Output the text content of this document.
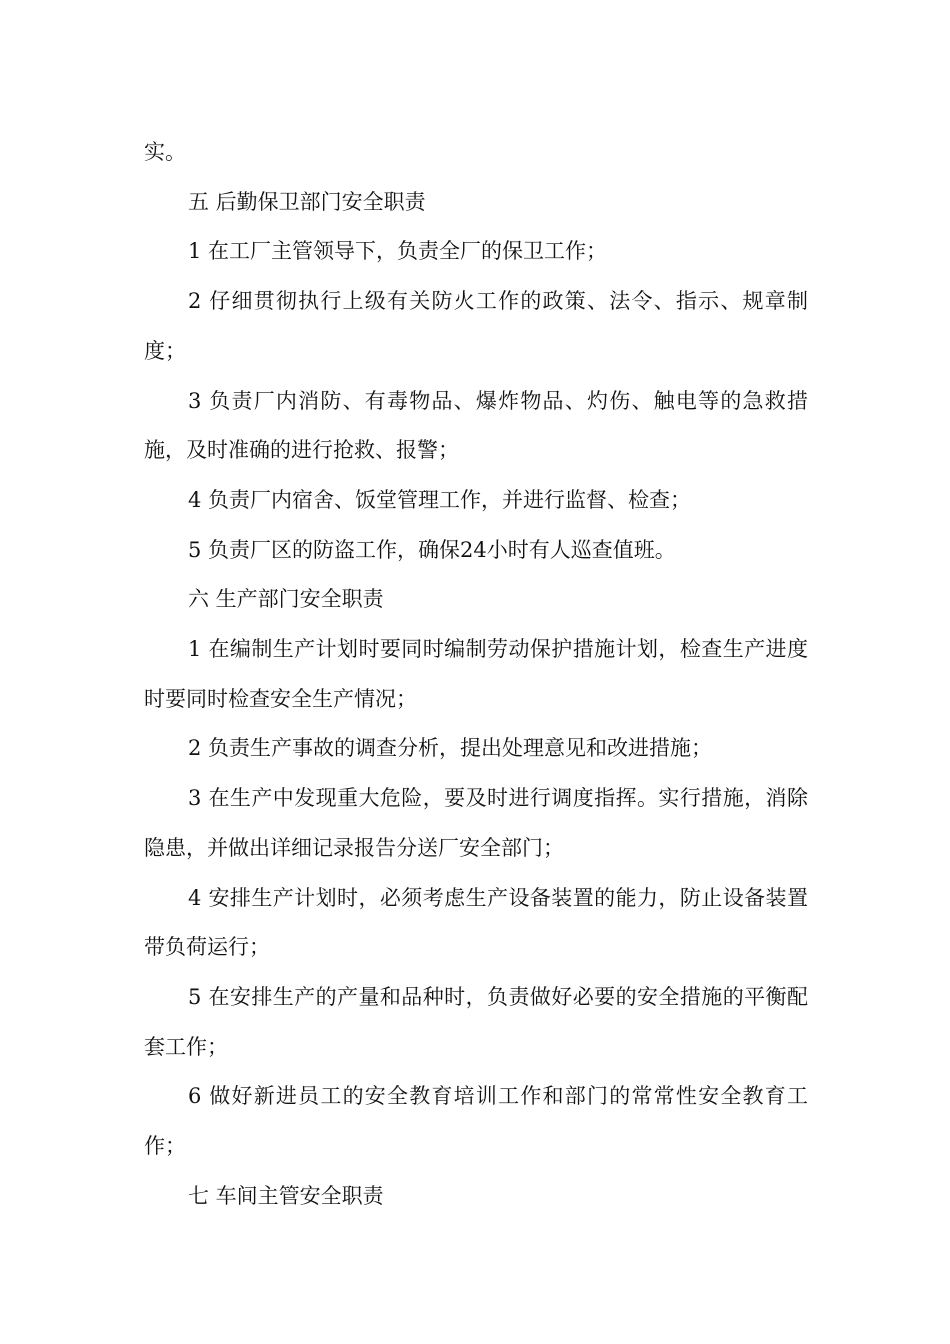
实。

五 后勤保卫部门安全职责

1 在工厂主管领导下，负责全厂的保卫工作；

2 仔细贯彻执行上级有关防火工作的政策、法令、指示、规章制度；

3 负责厂内消防、有毒物品、爆炸物品、灼伤、触电等的急救措施，及时准确的进行抢救、报警；

4 负责厂内宿舍、饭堂管理工作，并进行监督、检查；

5 负责厂区的防盗工作，确保24小时有人巡查值班。

六 生产部门安全职责

1 在编制生产计划时要同时编制劳动保护措施计划，检查生产进度时要同时检查安全生产情况；

2 负责生产事故的调查分析，提出处理意见和改进措施；

3 在生产中发现重大危险，要及时进行调度指挥。实行措施，消除隐患，并做出详细记录报告分送厂安全部门；

4 安排生产计划时，必须考虑生产设备装置的能力，防止设备装置带负荷运行；

5 在安排生产的产量和品种时，负责做好必要的安全措施的平衡配套工作；

6 做好新进员工的安全教育培训工作和部门的常常性安全教育工作；

七 车间主管安全职责
